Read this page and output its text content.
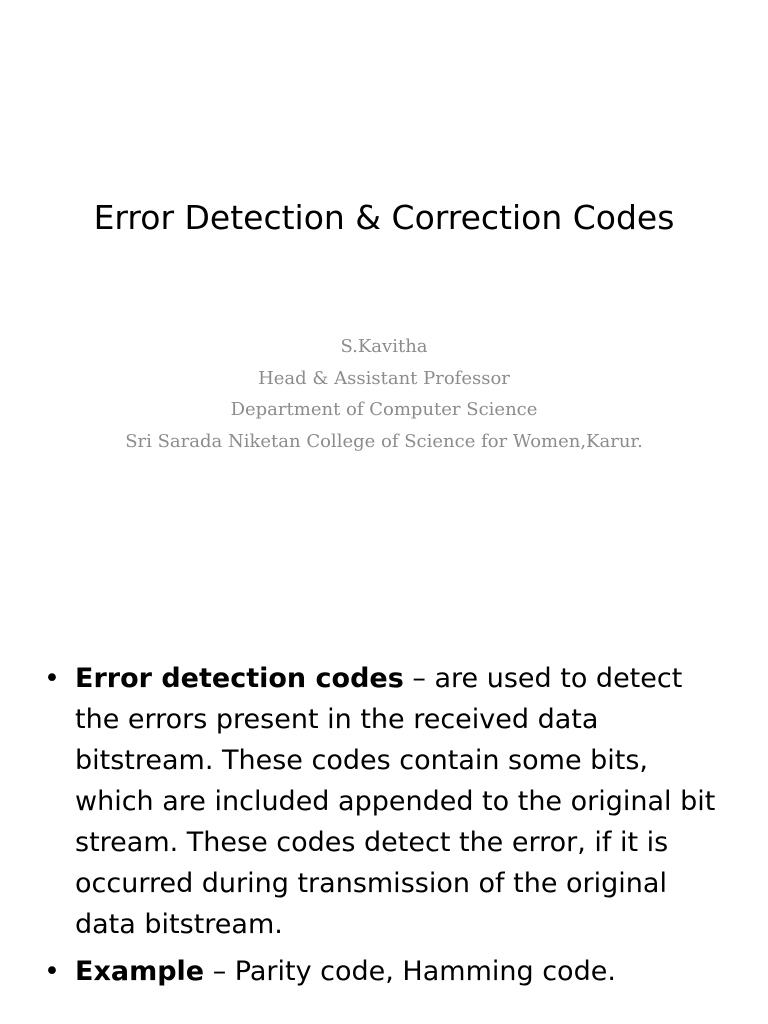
Error Detection & Correction Codes
S.Kavitha
Head & Assistant Professor
Department of Computer Science
Sri Sarada Niketan College of Science for Women,Karur.
• Error detection codes – are used to detect the errors present in the received data bitstream. These codes contain some bits, which are included appended to the original bit stream. These codes detect the error, if it is occurred during transmission of the original data bitstream.
• Example – Parity code, Hamming code.
